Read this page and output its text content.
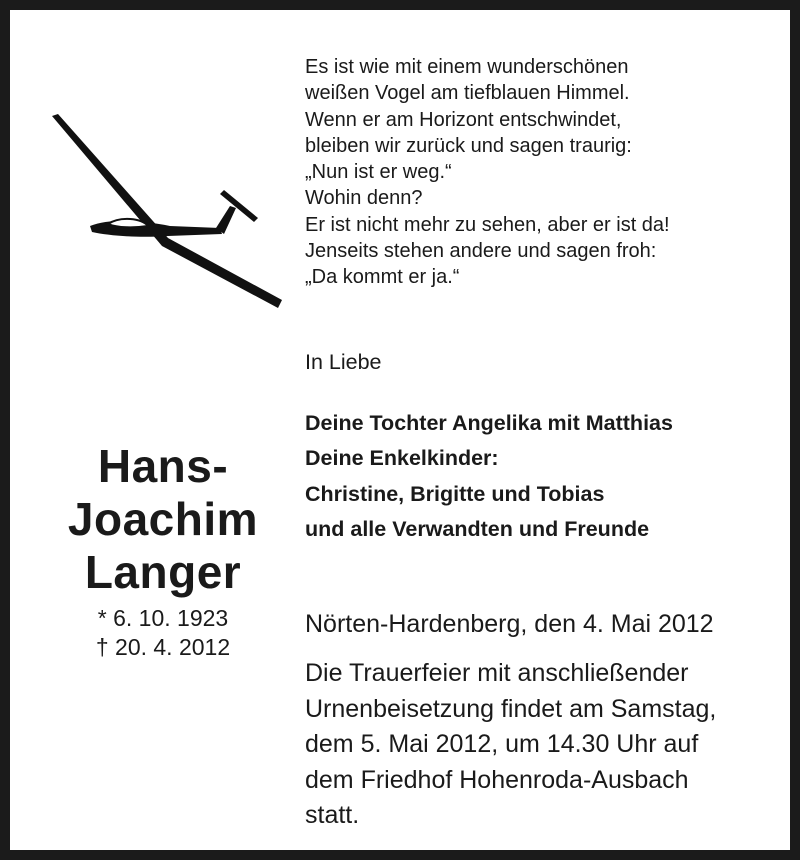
Es ist wie mit einem wunderschönen
weißen Vogel am tiefblauen Himmel.
Wenn er am Horizont entschwindet,
bleiben wir zurück und sagen traurig:
„Nun ist er weg.“
Wohin denn?
Er ist nicht mehr zu sehen, aber er ist da!
Jenseits stehen andere und sagen froh:
„Da kommt er ja.“
In Liebe
Deine Tochter Angelika mit Matthias
Deine Enkelkinder:
Christine, Brigitte und Tobias
und alle Verwandten und Freunde
Hans-
Joachim
Langer
* 6. 10. 1923
† 20. 4. 2012
Nörten-Hardenberg, den 4. Mai 2012
Die Trauerfeier mit anschließender
Urnenbeisetzung findet am Samstag,
dem 5. Mai 2012, um 14.30 Uhr auf
dem Friedhof Hohenroda-Ausbach
statt.
